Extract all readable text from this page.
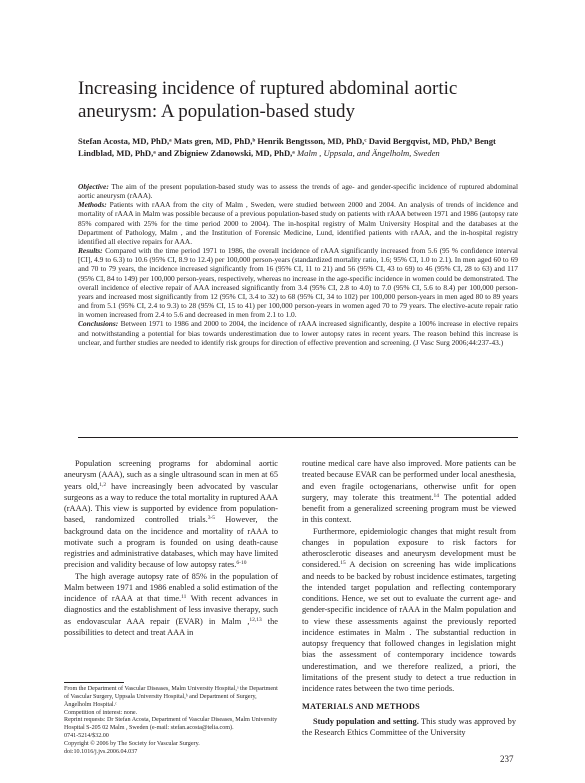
Increasing incidence of ruptured abdominal aortic aneurysm: A population-based study

Stefan Acosta, MD, PhD,ᵃ Mats gren, MD, PhD,ᵇ Henrik Bengtsson, MD, PhD,ᶜ David Bergqvist, MD, PhD,ᵇ Bengt Lindblad, MD, PhD,ᵃ and Zbigniew Zdanowski, MD, PhD,ᵃ Malm , Uppsala, and Ängelholm, Sweden

Objective: The aim of the present population-based study was to assess the trends of age- and gender-specific incidence of ruptured abdominal aortic aneurysm (rAAA).

Methods: Patients with rAAA from the city of Malm , Sweden, were studied between 2000 and 2004. An analysis of trends of incidence and mortality of rAAA in Malm was possible because of a previous population-based study on patients with rAAA between 1971 and 1986 (autopsy rate 85% compared with 25% for the time period 2000 to 2004). The in-hospital registry of Malm University Hospital and the databases at the Department of Pathology, Malm , and the Institution of Forensic Medicine, Lund, identified patients with rAAA, and the in-hospital registry identified all elective repairs for AAA.

Results: Compared with the time period 1971 to 1986, the overall incidence of rAAA significantly increased from 5.6 (95 % confidence interval [CI], 4.9 to 6.3) to 10.6 (95% CI, 8.9 to 12.4) per 100,000 person-years (standardized mortality ratio, 1.6; 95% CI, 1.0 to 2.1). In men aged 60 to 69 and 70 to 79 years, the incidence increased significantly from 16 (95% CI, 11 to 21) and 56 (95% CI, 43 to 69) to 46 (95% CI, 28 to 63) and 117 (95% CI, 84 to 149) per 100,000 person-years, respectively, whereas no increase in the age-specific incidence in women could be demonstrated. The overall incidence of elective repair of AAA increased significantly from 3.4 (95% CI, 2.8 to 4.0) to 7.0 (95% CI, 5.6 to 8.4) per 100,000 person-years and increased most significantly from 12 (95% CI, 3.4 to 32) to 68 (95% CI, 34 to 102) per 100,000 person-years in men aged 80 to 89 years and from 5.1 (95% CI, 2.4 to 9.3) to 28 (95% CI, 15 to 41) per 100,000 person-years in women aged 70 to 79 years. The elective-acute repair ratio in women increased from 2.4 to 5.6 and decreased in men from 2.1 to 1.0.

Conclusions: Between 1971 to 1986 and 2000 to 2004, the incidence of rAAA increased significantly, despite a 100% increase in elective repairs and notwithstanding a potential for bias towards underestimation due to lower autopsy rates in recent years. The reason behind this increase is unclear, and further studies are needed to identify risk groups for direction of effective prevention and screening. (J Vasc Surg 2006;44:237-43.)

Population screening programs for abdominal aortic aneurysm (AAA), such as a single ultrasound scan in men at 65 years old,$^{1,2}$ have increasingly been advocated by vascular surgeons as a way to reduce the total mortality in ruptured AAA (rAAA). This view is supported by evidence from population-based, randomized controlled trials.$^{3-5}$ However, the background data on the incidence and mortality of rAAA to motivate such a program is founded on using death-cause registries and administrative databases, which may have limited precision and validity because of low autopsy rates.$^{6-10}$

The high average autopsy rate of 85% in the population of Malm between 1971 and 1986 enabled a solid estimation of the incidence of rAAA at that time.$^{11}$ With recent advances in diagnostics and the establishment of less invasive therapy, such as endovascular AAA repair (EVAR) in Malm ,$^{12,13}$ the possibilities to detect and treat AAA in

From the Department of Vascular Diseases, Malm University Hospital,ᵃ the Department of Vascular Surgery, Uppsala University Hospital,ᵇ and Department of Surgery, Ängelholm Hospital.ᶜ

Competition of interest: none.

Reprint requests: Dr Stefan Acosta, Department of Vascular Diseases, Malm University Hospital S-205 02 Malm , Sweden (e-mail: stefan.acosta@telia.com).

0741-5214/$32.00

Copyright © 2006 by The Society for Vascular Surgery.

doi:10.1016/j.jvs.2006.04.037

routine medical care have also improved. More patients can be treated because EVAR can be performed under local anesthesia, and even fragile octogenarians, otherwise unfit for open surgery, may tolerate this treatment.$^{14}$ The potential added benefit from a generalized screening program must be viewed in this context.

Furthermore, epidemiologic changes that might result from changes in population exposure to risk factors for atherosclerotic diseases and aneurysm development must be considered.$^{15}$ A decision on screening has wide implications and needs to be backed by robust incidence estimates, targeting the intended target population and reflecting contemporary conditions. Hence, we set out to evaluate the current age- and gender-specific incidence of rAAA in the Malm population and to view these assessments against the previously reported incidence estimates in Malm . The substantial reduction in autopsy frequency that followed changes in legislation might bias the assessment of contemporary incidence towards underestimation, and we therefore realized, a priori, the limitations of the present study to detect a true reduction in incidence rates between the two time periods.

MATERIALS AND METHODS

Study population and setting. This study was approved by the Research Ethics Committee of the University

237
